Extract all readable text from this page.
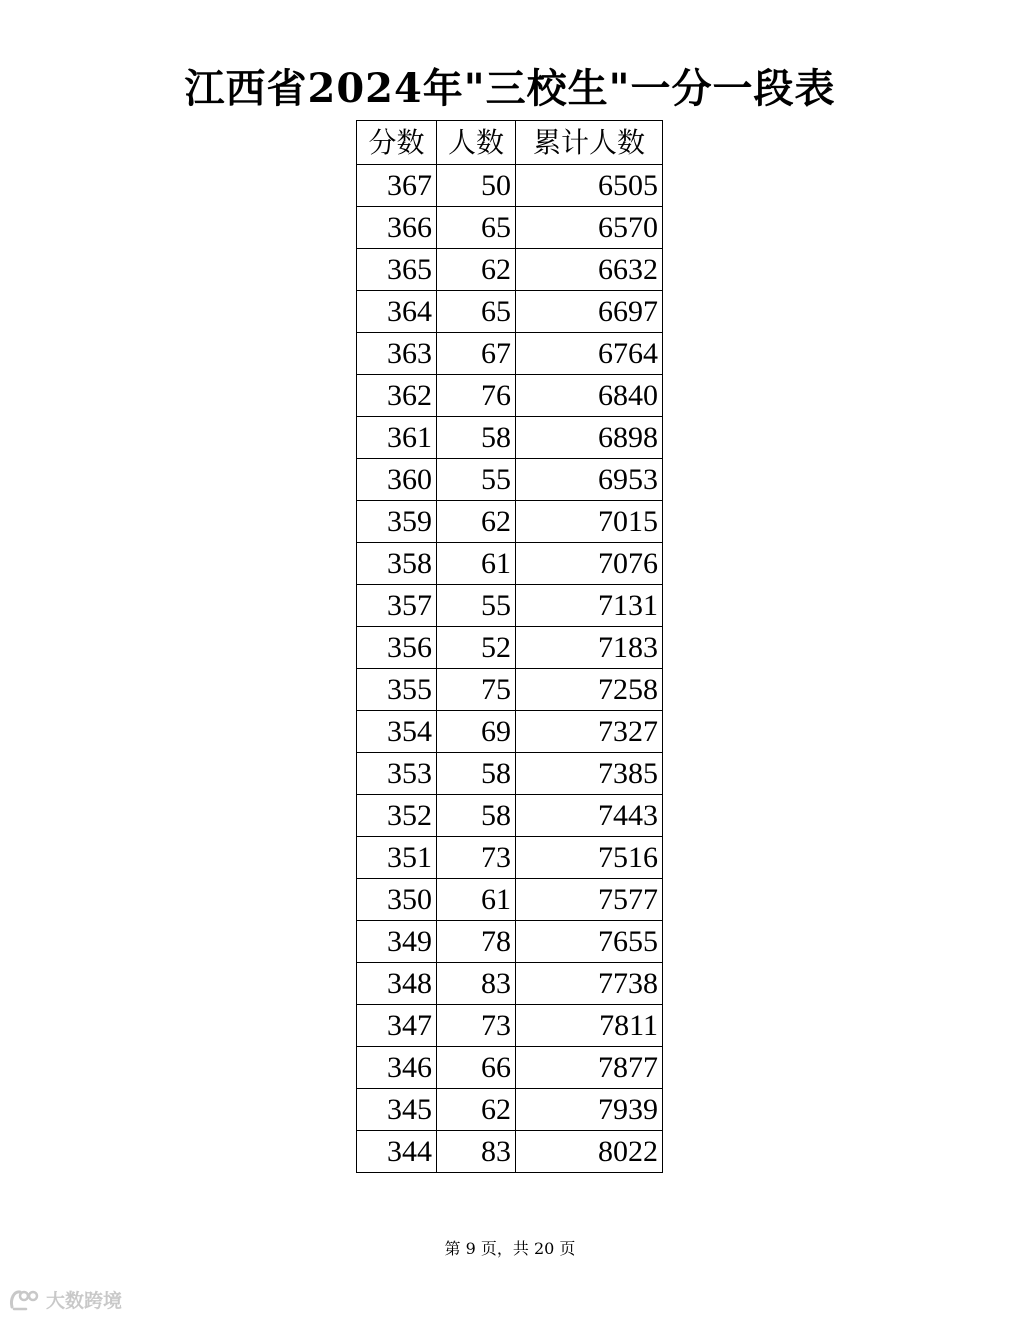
江西省2024年"三校生"一分一段表
分数	人数	累计人数
367	50	6505
366	65	6570
365	62	6632
364	65	6697
363	67	6764
362	76	6840
361	58	6898
360	55	6953
359	62	7015
358	61	7076
357	55	7131
356	52	7183
355	75	7258
354	69	7327
353	58	7385
352	58	7443
351	73	7516
350	61	7577
349	78	7655
348	83	7738
347	73	7811
346	66	7877
345	62	7939
344	83	8022
第 9 页，共 20 页
大数跨境
